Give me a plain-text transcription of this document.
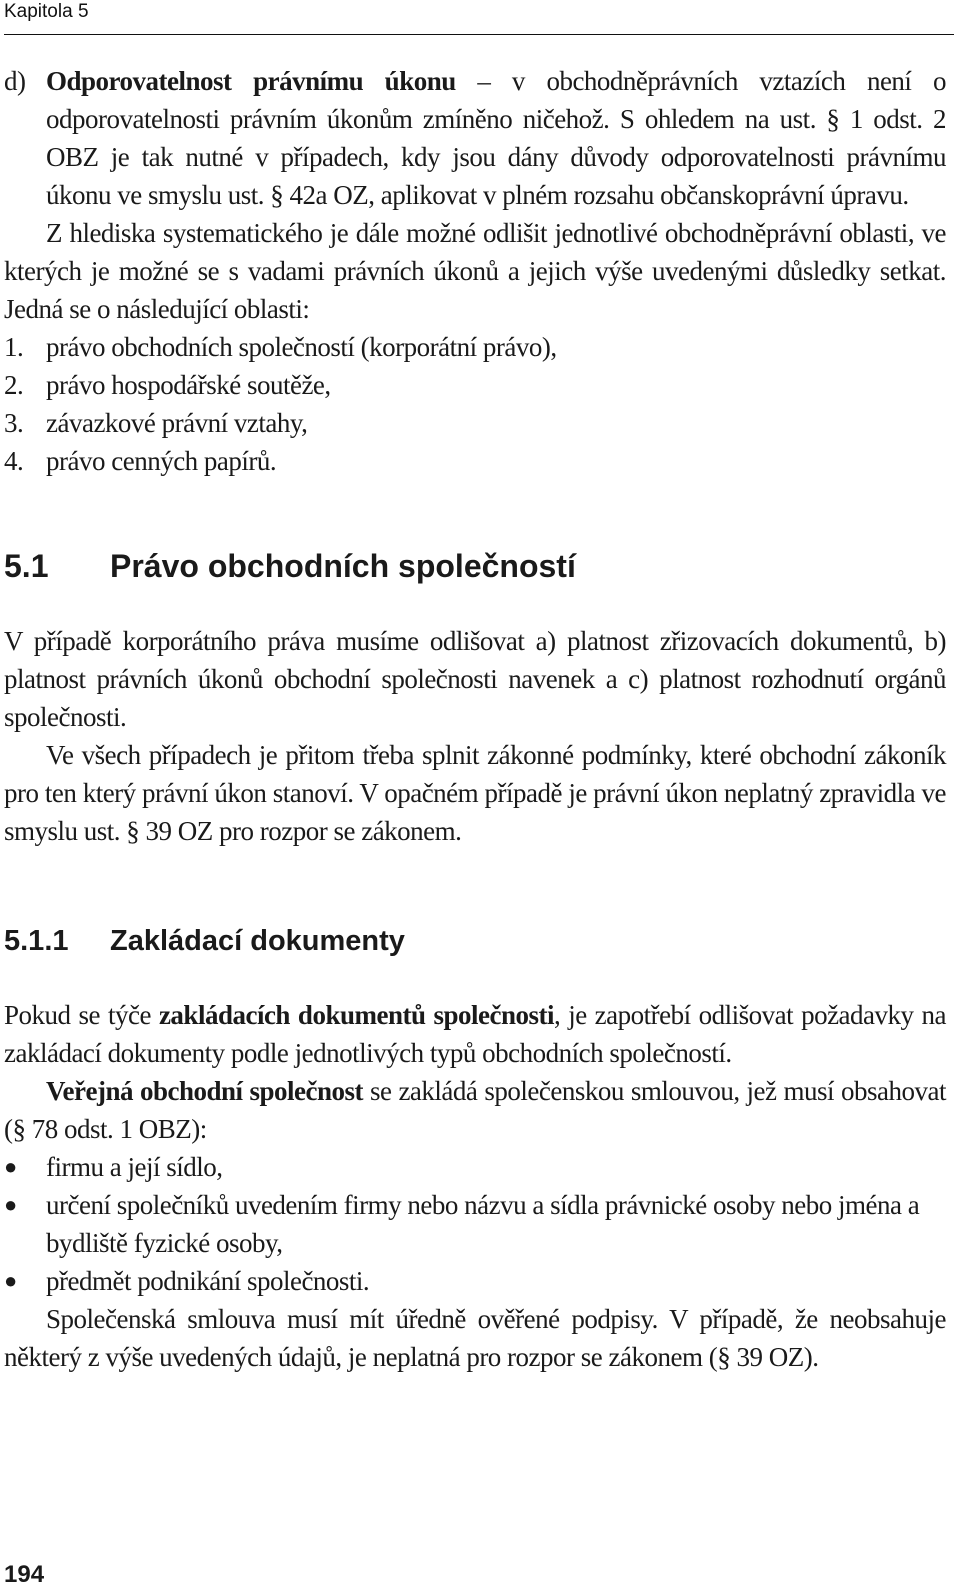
Kapitola 5

d) Odporovatelnost právnímu úkonu – v obchodněprávních vztazích není o odporovatelnosti právním úkonům zmíněno ničehož. S ohledem na ust. § 1 odst. 2 OBZ je tak nutné v případech, kdy jsou dány důvody odporovatelnosti právnímu úkonu ve smyslu ust. § 42a OZ, aplikovat v plném rozsahu občanskoprávní úpravu.

Z hlediska systematického je dále možné odlišit jednotlivé obchodněprávní oblasti, ve kterých je možné se s vadami právních úkonů a jejich výše uvedenými důsledky setkat. Jedná se o následující oblasti:

1. právo obchodních společností (korporátní právo),
2. právo hospodářské soutěže,
3. závazkové právní vztahy,
4. právo cenných papírů.
5.1	Právo obchodních společností

V případě korporátního práva musíme odlišovat a) platnost zřizovacích dokumentů, b) platnost právních úkonů obchodní společnosti navenek a c) platnost rozhodnutí orgánů společnosti.

Ve všech případech je přitom třeba splnit zákonné podmínky, které obchodní zákoník pro ten který právní úkon stanoví. V opačném případě je právní úkon neplatný zpravidla ve smyslu ust. § 39 OZ pro rozpor se zákonem.

5.1.1	Zakládací dokumenty

Pokud se týče zakládacích dokumentů společnosti, je zapotřebí odlišovat požadavky na zakládací dokumenty podle jednotlivých typů obchodních společností.

Veřejná obchodní společnost se zakládá společenskou smlouvou, jež musí obsahovat (§ 78 odst. 1 OBZ):

●	firmu a její sídlo,
●	určení společníků uvedením firmy nebo názvu a sídla právnické osoby nebo jména a bydliště fyzické osoby,
●	předmět podnikání společnosti.

Společenská smlouva musí mít úředně ověřené podpisy. V případě, že neobsahuje některý z výše uvedených údajů, je neplatná pro rozpor se zákonem (§ 39 OZ).

194
